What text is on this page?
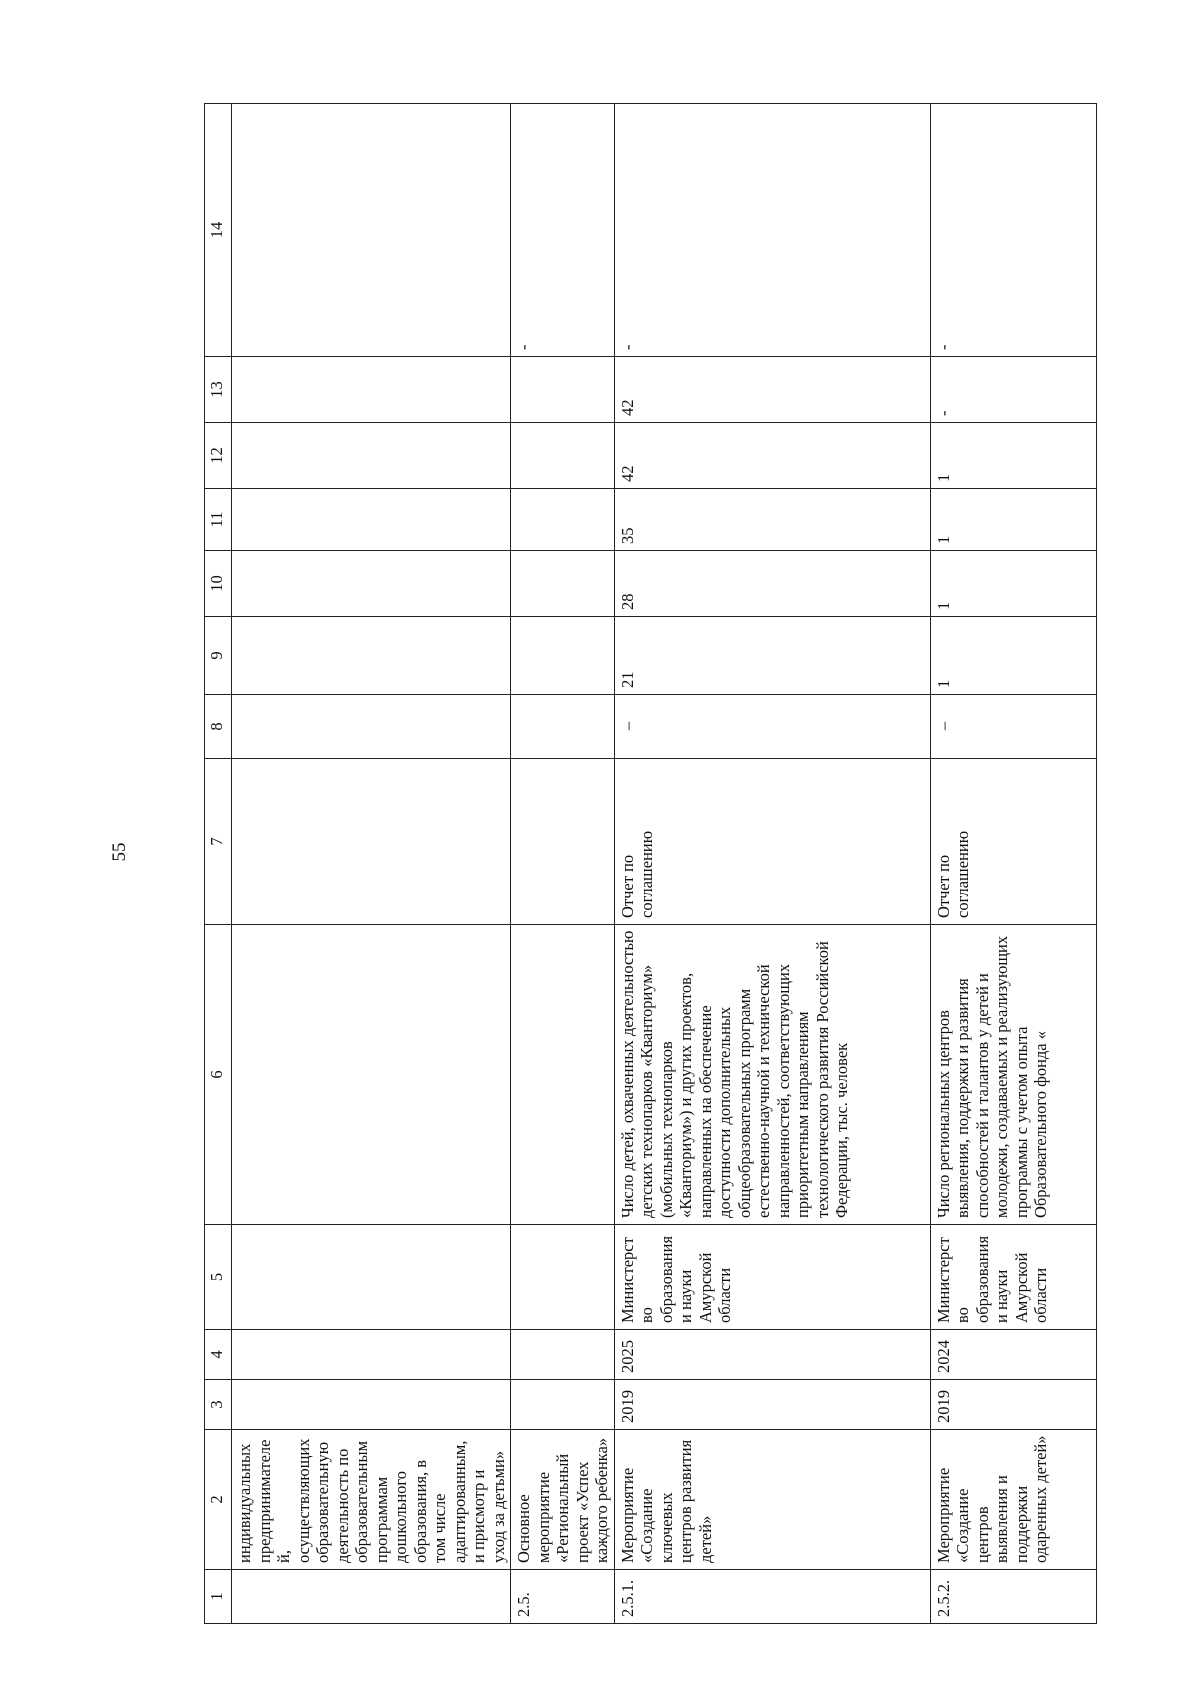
55
1	2	3	4	5	6	7	8	9	10	11	12	13	14
	индивидуальных предпринимателей, осуществляющих образовательную деятельность по образовательным программам дошкольного образования, в том числе адаптированным, и присмотр и уход за детьми»												
2.5.	Основное мероприятие «Региональный проект «Успех каждого ребенка»												-
2.5.1.	Мероприятие «Создание ключевых центров развития детей»	2019	2025	Министерство образования и науки Амурской области	Число детей, охваченных деятельностью детских технопарков «Кванториум» (мобильных технопарков «Кванториум») и других проектов, направленных на обеспечение доступности дополнительных общеобразовательных программ естественно-научной и технической направленностей, соответствующих приоритетным направлениям технологического развития Российской Федерации, тыс. человек	Отчет по соглашению	–	21	28	35	42	42	-
2.5.2.	Мероприятие «Создание центров выявления и поддержки одаренных детей»	2019	2024	Министерство образования и науки Амурской области	Число региональных центров выявления, поддержки и развития способностей и талантов у детей и молодежи, создаваемых и реализующих программы с учетом опыта Образовательного фонда «	Отчет по соглашению	–	1	1	1	1	-	-
